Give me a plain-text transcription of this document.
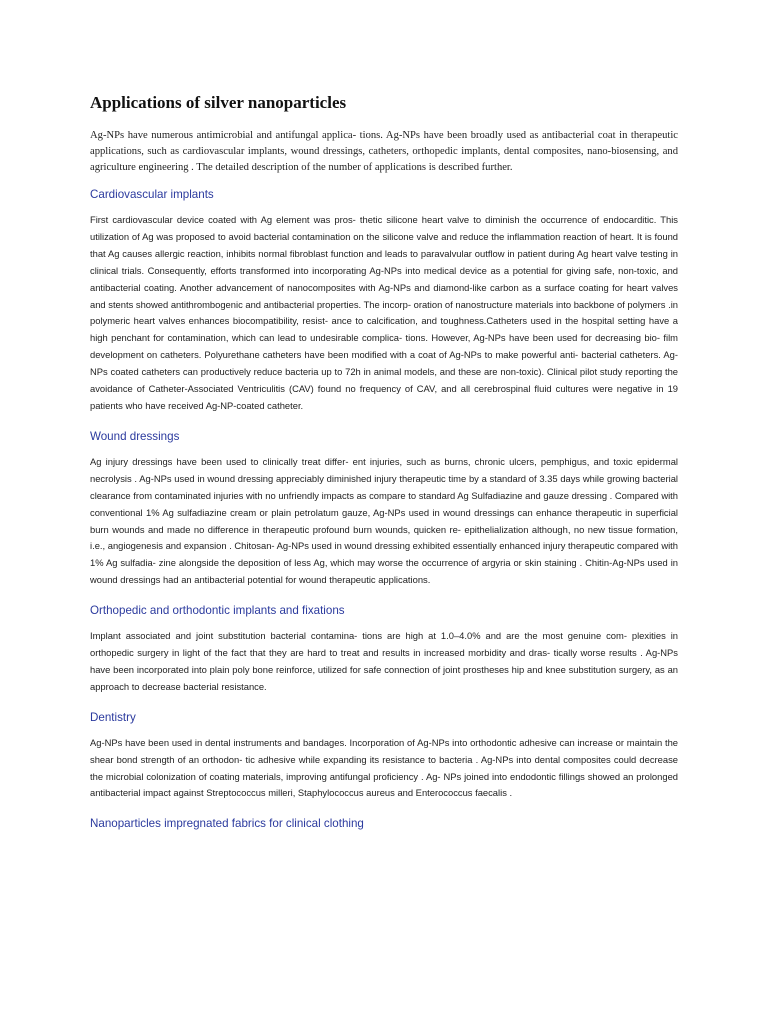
Applications of silver nanoparticles

Ag-NPs have numerous antimicrobial and antifungal applica- tions. Ag-NPs have been broadly used as antibacterial coat in therapeutic applications, such as cardiovascular implants, wound dressings, catheters, orthopedic implants, dental composites, nano-biosensing, and agriculture engineering . The detailed description of the number of applications is described further.

Cardiovascular implants

First cardiovascular device coated with Ag element was pros- thetic silicone heart valve to diminish the occurrence of endocarditic. This utilization of Ag was proposed to avoid bacterial contamination on the silicone valve and reduce the inflammation reaction of heart. It is found that Ag causes allergic reaction, inhibits normal fibroblast function and leads to paravalvular outflow in patient during Ag heart valve testing in clinical trials. Consequently, efforts transformed into incorporating Ag-NPs into medical device as a potential for giving safe, non-toxic, and antibacterial coating. Another advancement of nanocomposites with Ag-NPs and diamond-like carbon as a surface coating for heart valves and stents showed antithrombogenic and antibacterial properties. The incorp- oration of nanostructure materials into backbone of polymers .in polymeric heart valves enhances biocompatibility, resist- ance to calcification, and toughness.Catheters used in the hospital setting have a high penchant for contamination, which can lead to undesirable complica- tions. However, Ag-NPs have been used for decreasing bio- film development on catheters. Polyurethane catheters have been modified with a coat of Ag-NPs to make powerful anti- bacterial catheters. Ag-NPs coated catheters can productively reduce bacteria up to 72h in animal models, and these are non-toxic). Clinical pilot study reporting the avoidance of Catheter-Associated Ventriculitis (CAV) found no frequency of CAV, and all cerebrospinal fluid cultures were negative in 19 patients who have received Ag-NP-coated catheter.

Wound dressings

Ag injury dressings have been used to clinically treat differ- ent injuries, such as burns, chronic ulcers, pemphigus, and toxic epidermal necrolysis . Ag-NPs used in wound dressing appreciably diminished injury therapeutic time by a standard of 3.35 days while growing bacterial clearance from contaminated injuries with no unfriendly impacts as compare to standard Ag Sulfadiazine and gauze dressing . Compared with conventional 1% Ag sulfadiazine cream or plain petrolatum gauze, Ag-NPs used in wound dressings can enhance therapeutic in superficial burn wounds and made no difference in therapeutic profound burn wounds, quicken re- epithelialization although, no new tissue formation, i.e., angiogenesis and expansion . Chitosan- Ag-NPs used in wound dressing exhibited essentially enhanced injury therapeutic compared with 1% Ag sulfadia- zine alongside the deposition of less Ag, which may worse the occurrence of argyria or skin staining . Chitin-Ag-NPs used in wound dressings had an antibacterial potential for wound therapeutic applications.

Orthopedic and orthodontic implants and fixations

Implant associated and joint substitution bacterial contamina- tions are high at 1.0–4.0% and are the most genuine com- plexities in orthopedic surgery in light of the fact that they are hard to treat and results in increased morbidity and dras- tically worse results . Ag-NPs have been incorporated into plain poly bone reinforce, utilized for safe connection of joint prostheses hip and knee substitution surgery, as an approach to decrease bacterial resistance.

Dentistry

Ag-NPs have been used in dental instruments and bandages. Incorporation of Ag-NPs into orthodontic adhesive can increase or maintain the shear bond strength of an orthodon- tic adhesive while expanding its resistance to bacteria . Ag-NPs into dental composites could decrease the microbial colonization of coating materials, improving antifungal proficiency . Ag- NPs joined into endodontic fillings showed an prolonged antibacterial impact against Streptococcus milleri, Staphylococcus aureus and Enterococcus faecalis .

Nanoparticles impregnated fabrics for clinical clothing
